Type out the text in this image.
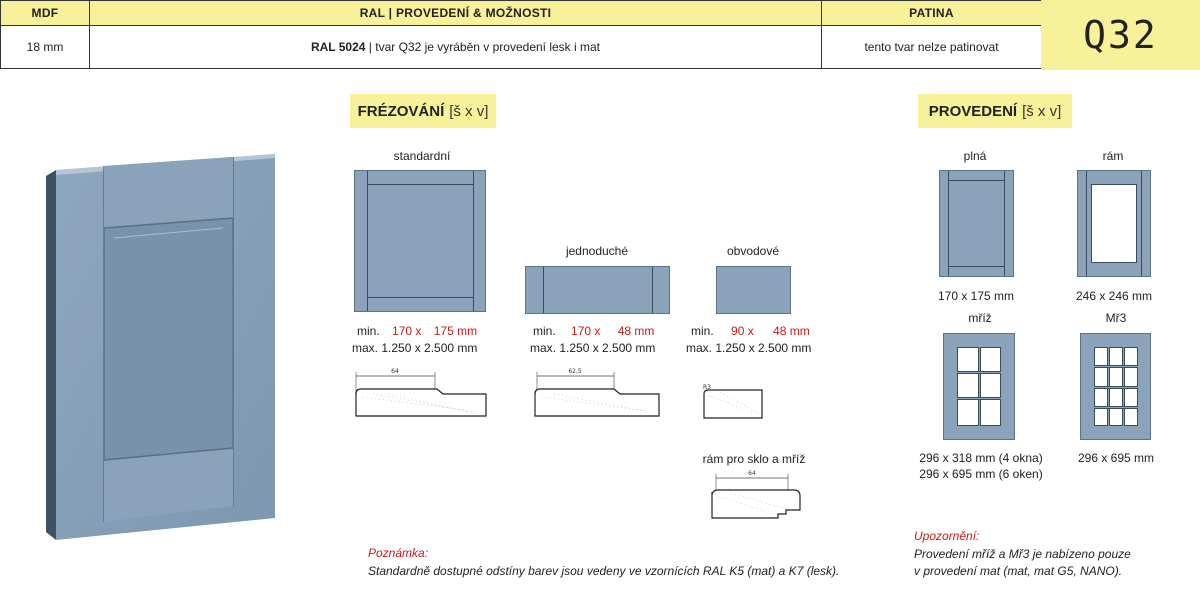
MDF	RAL | PROVEDENÍ & MOŽNOSTI	PATINA
18 mm	RAL 5024 | tvar Q32 je vyráběn v provedení lesk i mat	tento tvar nelze patinovat Q32
FRÉZOVÁNÍ [š x v]
standardní
min. 170 x 175 mm
max. 1.250 x 2.500 mm
64
jednoduché
min. 170 x 48 mm
max. 1.250 x 2.500 mm
62,5
obvodové
min. 90 x 48 mm
max. 1.250 x 2.500 mm
R3
rám pro sklo a mříž
64
PROVEDENÍ [š x v]
plná
170 x 175 mm
rám
246 x 246 mm
mříž
296 x 318 mm (4 okna)
296 x 695 mm (6 oken)
Mř3
296 x 695 mm
Poznámka:
Standardně dostupné odstíny barev jsou vedeny ve vzornících RAL K5 (mat) a K7 (lesk).
Upozornění:
Provedení mříž a Mř3 je nabízeno pouze
v provedení mat (mat, mat G5, NANO).
